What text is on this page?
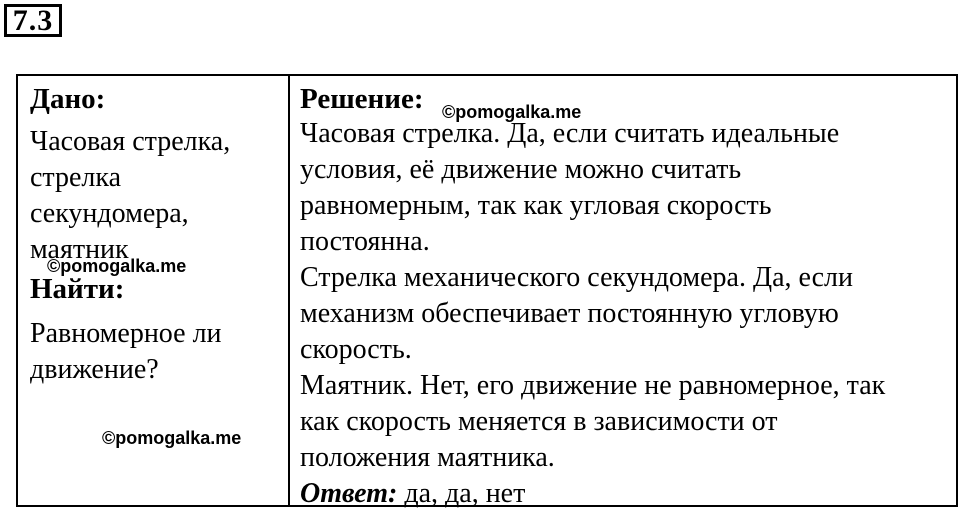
7.3
Дано:
Часовая стрелка,
стрелка
секундомера,
маятник
Найти:
Равномерное ли
движение?
Решение:
Часовая стрелка. Да, если считать идеальные
условия, её движение можно считать
равномерным, так как угловая скорость
постоянна.
Стрелка механического секундомера. Да, если
механизм обеспечивает постоянную угловую
скорость.
Маятник. Нет, его движение не равномерное, так
как скорость меняется в зависимости от
положения маятника.
Ответ: да, да, нет
©pomogalka.me
©pomogalka.me
©pomogalka.me
